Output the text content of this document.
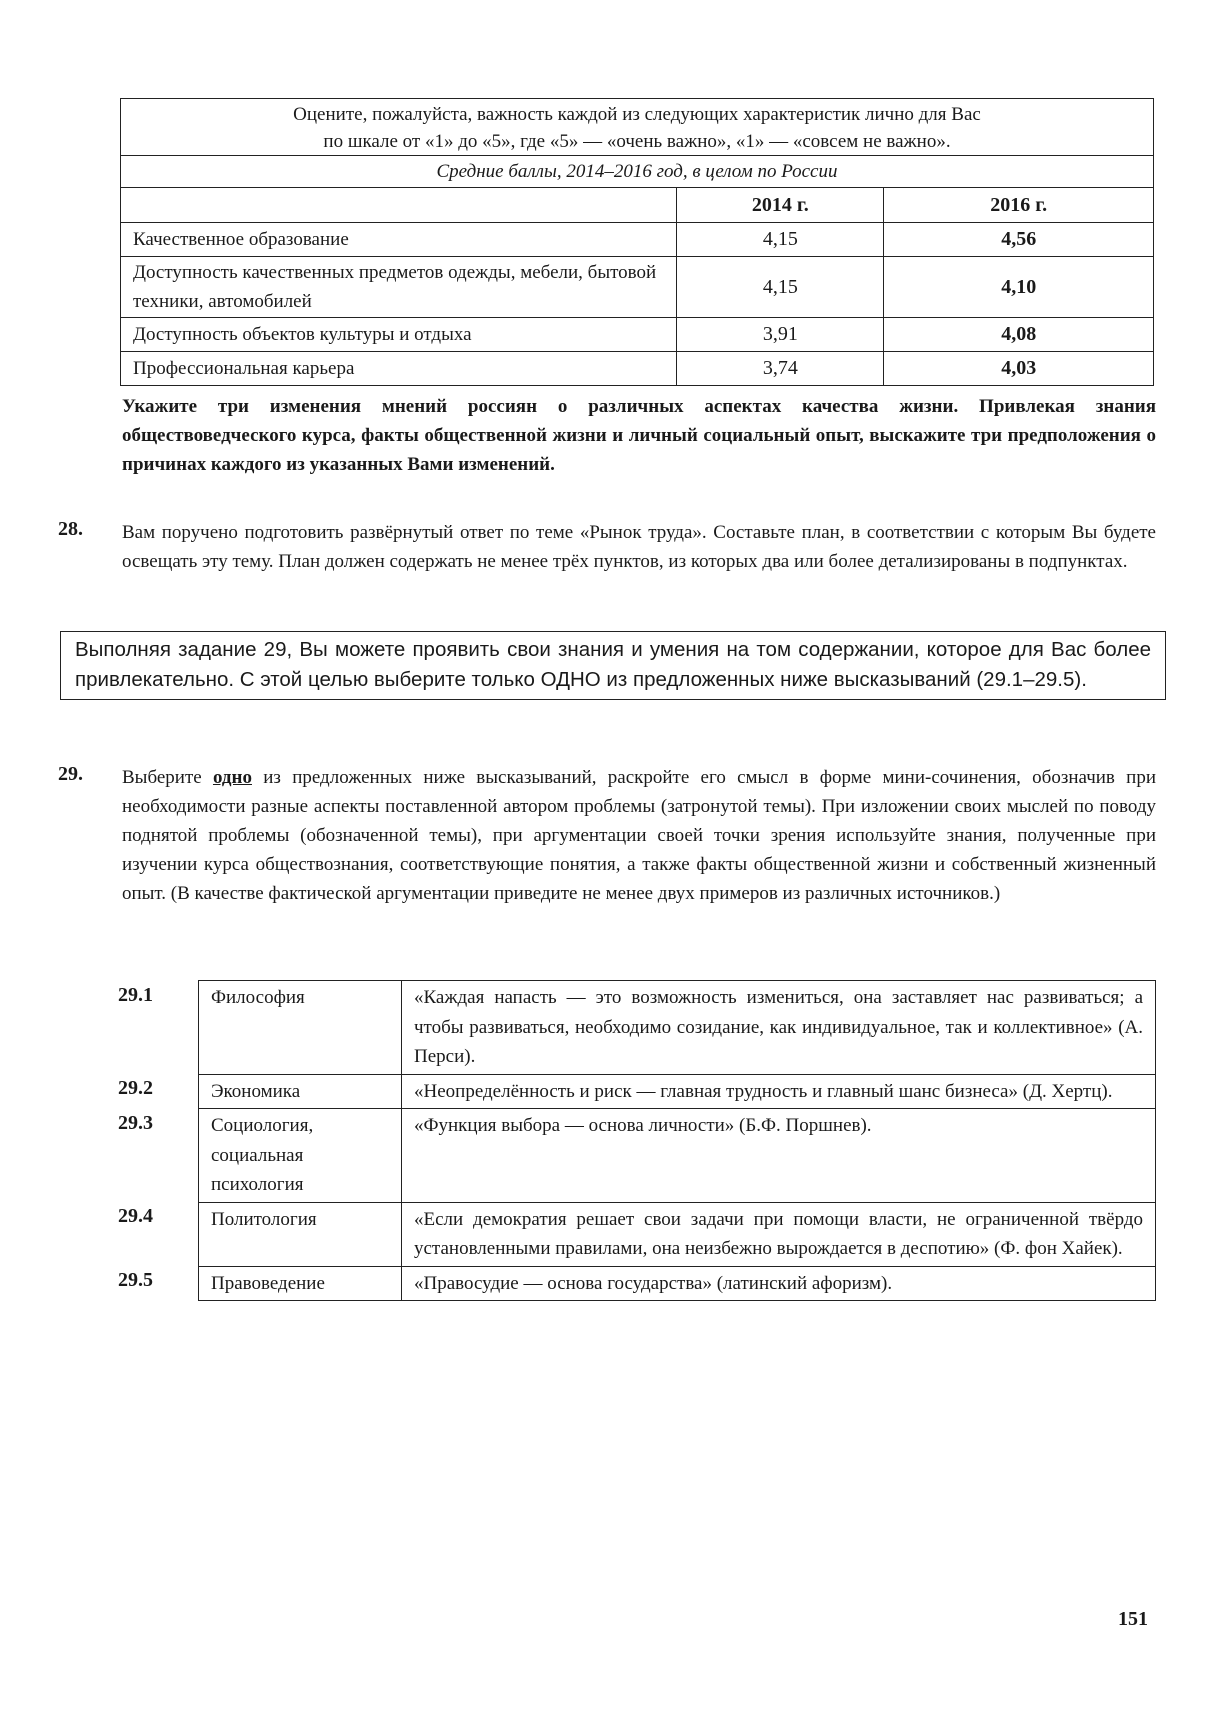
Оцените, пожалуйста, важность каждой из следующих характеристик лично для Вас
по шкале от «1» до «5», где «5» — «очень важно», «1» — «совсем не важно».		

Средние баллы, 2014–2016 год, в целом по России		
	2014 г.	2016 г.
Качественное образование	4,15	4,56
Доступность качественных предметов одежды, мебели, бытовой техники, автомобилей	4,15	4,10
Доступность объектов культуры и отдыха	3,91	4,08
Профессиональная карьера	3,74	4,03
Укажите три изменения мнений россиян о различных аспектах качества жизни. Привлекая знания обществоведческого курса, факты общественной жизни и личный социальный опыт, выскажите три предположения о причинах каждого из указанных Вами изменений.
28. Вам поручено подготовить развёрнутый ответ по теме «Рынок труда». Составьте план, в соответствии с которым Вы будете освещать эту тему. План должен содержать не менее трёх пунктов, из которых два или более детализированы в подпунктах.
Выполняя задание 29, Вы можете проявить свои знания и умения на том содержании, которое для Вас более привлекательно. С этой целью выберите только ОДНО из предложенных ниже высказываний (29.1–29.5).
29. Выберите одно из предложенных ниже высказываний, раскройте его смысл в форме мини-сочинения, обозначив при необходимости разные аспекты поставленной автором проблемы (затронутой темы). При изложении своих мыслей по поводу поднятой проблемы (обозначенной темы), при аргументации своей точки зрения используйте знания, полученные при изучении курса обществознания, соответствующие понятия, а также факты общественной жизни и собственный жизненный опыт. (В качестве фактической аргументации приведите не менее двух примеров из различных источников.)
29.1	Философия	«Каждая напасть — это возможность измениться, она заставляет нас развиваться; а чтобы развиваться, необходимо созидание, как индивидуальное, так и коллективное» (А. Перси).
29.2	Экономика	«Неопределённость и риск — главная трудность и главный шанс бизнеса» (Д. Хертц).
29.3	Социология, социальная психология	«Функция выбора — основа личности» (Б.Ф. Поршнев).
29.4	Политология	«Если демократия решает свои задачи при помощи власти, не ограниченной твёрдо установленными правилами, она неизбежно вырождается в деспотию» (Ф. фон Хайек).
29.5	Правоведение	«Правосудие — основа государства» (латинский афоризм).
151
